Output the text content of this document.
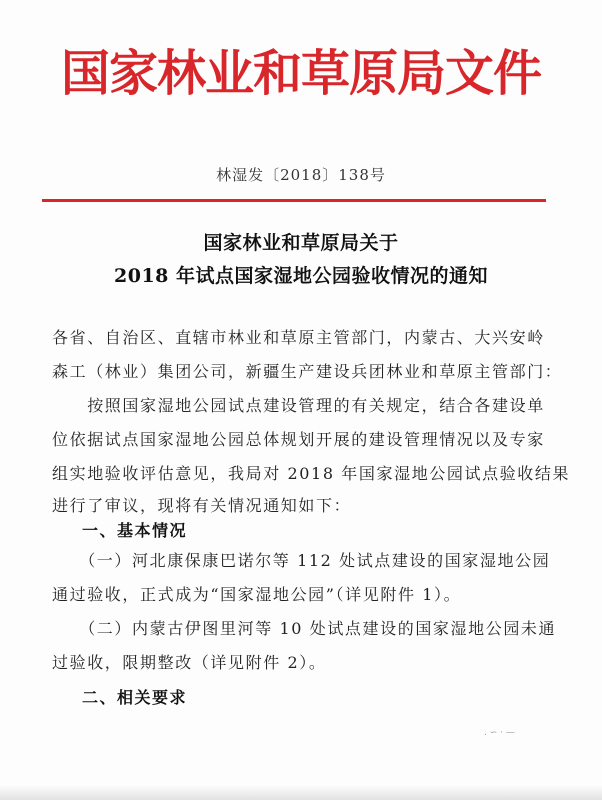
国家林业和草原局文件
林湿发〔2018〕138号
国家林业和草原局关于
2018 年试点国家湿地公园验收情况的通知
各省、自治区、直辖市林业和草原主管部门，内蒙古、大兴安岭
森工（林业）集团公司，新疆生产建设兵团林业和草原主管部门：
　　按照国家湿地公园试点建设管理的有关规定，结合各建设单
位依据试点国家湿地公园总体规划开展的建设管理情况以及专家
组实地验收评估意见，我局对 2018 年国家湿地公园试点验收结果
进行了审议，现将有关情况通知如下：
一、基本情况
　　（一）河北康保康巴诺尔等 112 处试点建设的国家湿地公园
通过验收，正式成为“国家湿地公园”（详见附件 1）。
　　（二）内蒙古伊图里河等 10 处试点建设的国家湿地公园未通
过验收，限期整改（详见附件 2）。
二、相关要求
. ∽ · —
